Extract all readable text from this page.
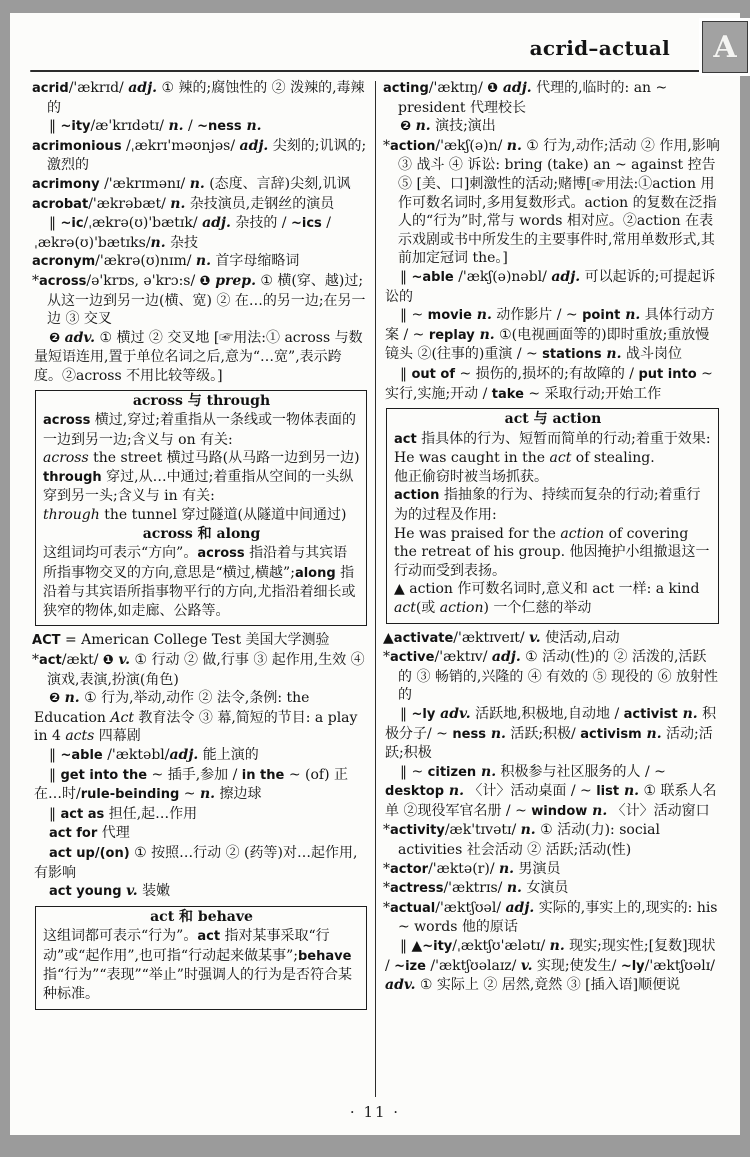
acrid–actual
acrid/'ækrɪd/ adj. ① 辣的;腐蚀性的 ② 泼辣的,毒辣的
‖ ~ity/æ'krɪdətɪ/ n. / ~ness n.
acrimonious /ˌækrɪ'məʊnjəs/ adj. 尖刻的;讥讽的;激烈的
acrimony /'ækrɪmənɪ/ n. (态度、言辞)尖刻,讥讽
acrobat/'ækrəbæt/ n. 杂技演员,走钢丝的演员
‖ ~ic/ˌækrə(ʊ)'bætɪk/ adj. 杂技的 / ~ics /ˌækrə(ʊ)'bætɪks/n. 杂技
acronym/'ækrə(ʊ)nɪm/ n. 首字母缩略词
*across/ə'krɒs, ə'krɔ:s/ ❶ prep. ① 横(穿、越)过;从这一边到另一边(横、宽) ② 在…的另一边;在另一边 ③ 交叉
❷ adv. ① 横过 ② 交叉地 [☞用法:① across 与数量短语连用,置于单位名词之后,意为“…宽”,表示跨度。②across 不用比较等级。]
across 与 through
across 横过,穿过;着重指从一条线或一物体表面的一边到另一边;含义与 on 有关:
across the street 横过马路(从马路一边到另一边)
through 穿过,从…中通过;着重指从空间的一头纵穿到另一头;含义与 in 有关:
through the tunnel 穿过隧道(从隧道中间通过)
across 和 along
这组词均可表示“方向”。across 指沿着与其宾语所指事物交叉的方向,意思是“横过,横越”;along 指沿着与其宾语所指事物平行的方向,尤指沿着细长或狭窄的物体,如走廊、公路等。
ACT = American College Test 美国大学测验
*act/ækt/ ❶ v. ① 行动 ② 做,行事 ③ 起作用,生效 ④ 演戏,表演,扮演(角色)
❷ n. ① 行为,举动,动作 ② 法令,条例: the Education Act 教育法令 ③ 幕,简短的节目: a play in 4 acts 四幕剧
‖ ~able /'æktəbl/adj. 能上演的
‖ get into the ~ 插手,参加 / in the ~ (of) 正在…时/rule-beinding ~ n. 擦边球
‖ act as 担任,起…作用
act for 代理
act up/(on) ① 按照…行动 ② (药等)对…起作用,有影响
act young v. 装嫩
act 和 behave
这组词都可表示“行为”。act 指对某事采取“行动”或“起作用”,也可指“行动起来做某事”;behave 指“行为”“表现”“举止”时强调人的行为是否符合某种标准。
acting/'æktɪŋ/ ❶ adj. 代理的,临时的: an ~ president 代理校长
❷ n. 演技;演出
*action/'ækʃ(ə)n/ n. ① 行为,动作;活动 ② 作用,影响 ③ 战斗 ④ 诉讼: bring (take) an ~ against 控告 ⑤ [美、口]刺激性的活动;赌博[☞用法:①action 用作可数名词时,多用复数形式。action 的复数在泛指人的“行为”时,常与 words 相对应。②action 在表示戏剧或书中所发生的主要事件时,常用单数形式,其前加定冠词 the。]
‖ ~able /'ækʃ(ə)nəbl/ adj. 可以起诉的;可提起诉讼的
‖ ~ movie n. 动作影片 / ~ point n. 具体行动方案 / ~ replay n. ①(电视画面等的)即时重放;重放慢镜头 ②(往事的)重演 / ~ stations n. 战斗岗位
‖ out of ~ 损伤的,损坏的;有故障的 / put into ~ 实行,实施;开动 / take ~ 采取行动;开始工作
act 与 action
act 指具体的行为、短暂而简单的行动;着重于效果:
He was caught in the act of stealing.
他正偷窃时被当场抓获。
action 指抽象的行为、持续而复杂的行动;着重行为的过程及作用:
He was praised for the action of covering the retreat of his group. 他因掩护小组撤退这一行动而受到表扬。
▲ action 作可数名词时,意义和 act 一样: a kind act(或 action) 一个仁慈的举动
▲activate/'æktɪveɪt/ v. 使活动,启动
*active/'æktɪv/ adj. ① 活动(性)的 ② 活泼的,活跃的 ③ 畅销的,兴隆的 ④ 有效的 ⑤ 现役的 ⑥ 放射性的
‖ ~ly adv. 活跃地,积极地,自动地 / activist n. 积极分子/ ~ ness n. 活跃;积极/ activism n. 活动;活跃;积极
‖ ~ citizen n. 积极参与社区服务的人 / ~ desktop n. 〈计〉活动桌面 / ~ list n. ① 联系人名单 ②现役军官名册 / ~ window n. 〈计〉活动窗口
*activity/æk'tɪvətɪ/ n. ① 活动(力): social activities 社会活动 ② 活跃;活动(性)
*actor/'æktə(r)/ n. 男演员
*actress/'æktrɪs/ n. 女演员
*actual/'æktʃʊəl/ adj. 实际的,事实上的,现实的: his ~ words 他的原话
‖ ▲~ity/ˌæktʃʊ'ælətɪ/ n. 现实;现实性;[复数]现状 / ~ize /'æktʃʊəlaɪz/ v. 实现;使发生/ ~ly/'æktʃʊəlɪ/ adv. ① 实际上 ② 居然,竟然 ③ [插入语]顺便说
· 11 ·
A
